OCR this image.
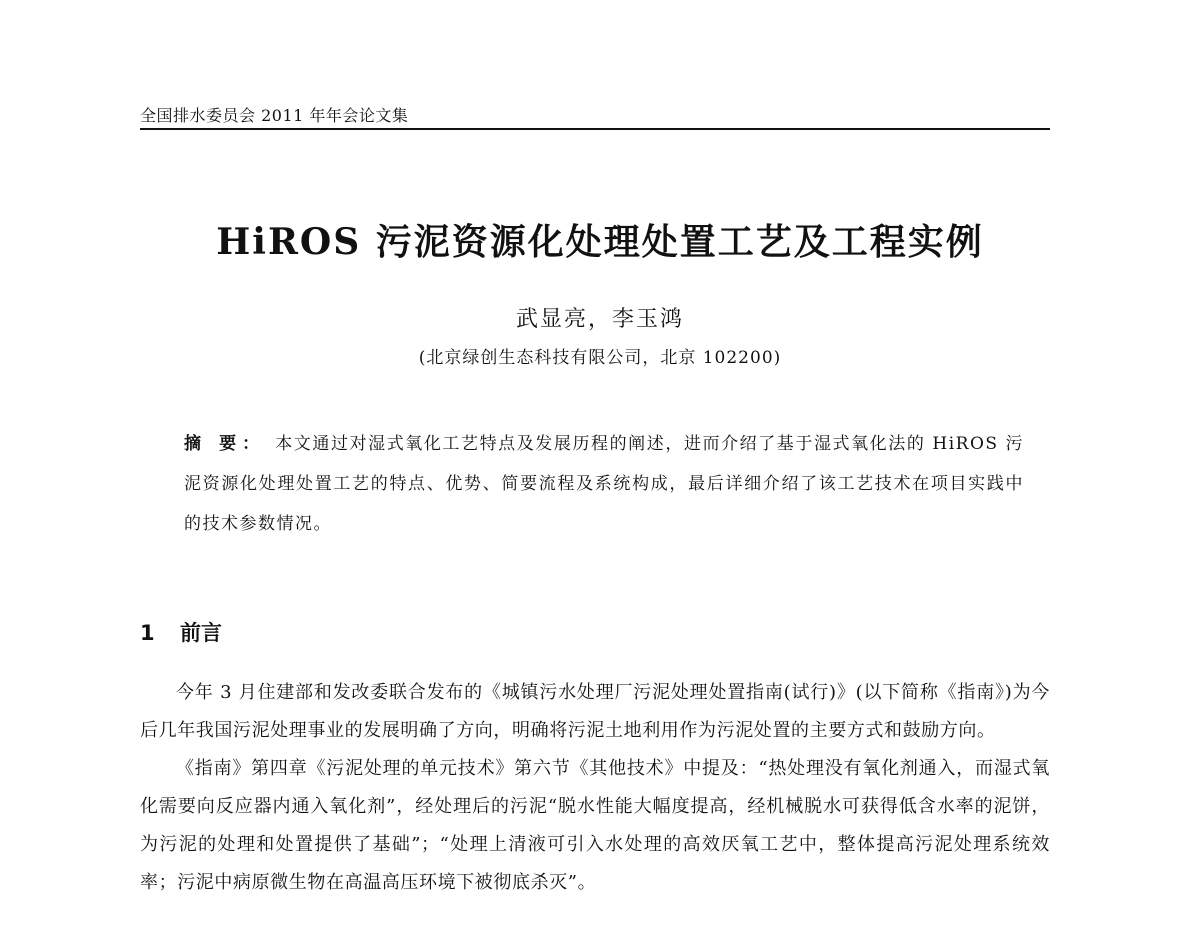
全国排水委员会 2011 年年会论文集
HiROS 污泥资源化处理处置工艺及工程实例
武显亮，李玉鸿
(北京绿创生态科技有限公司，北京 102200)
摘 要： 本文通过对湿式氧化工艺特点及发展历程的阐述，进而介绍了基于湿式氧化法的 HiROS 污泥资源化处理处置工艺的特点、优势、简要流程及系统构成，最后详细介绍了该工艺技术在项目实践中的技术参数情况。
1 前言

今年 3 月住建部和发改委联合发布的《城镇污水处理厂污泥处理处置指南(试行)》(以下简称《指南》)为今后几年我国污泥处理事业的发展明确了方向，明确将污泥土地利用作为污泥处置的主要方式和鼓励方向。

《指南》第四章《污泥处理的单元技术》第六节《其他技术》中提及：“热处理没有氧化剂通入，而湿式氧化需要向反应器内通入氧化剂”，经处理后的污泥“脱水性能大幅度提高，经机械脱水可获得低含水率的泥饼，为污泥的处理和处置提供了基础”；“处理上清液可引入水处理的高效厌氧工艺中，整体提高污泥处理系统效率；污泥中病原微生物在高温高压环境下被彻底杀灭”。
